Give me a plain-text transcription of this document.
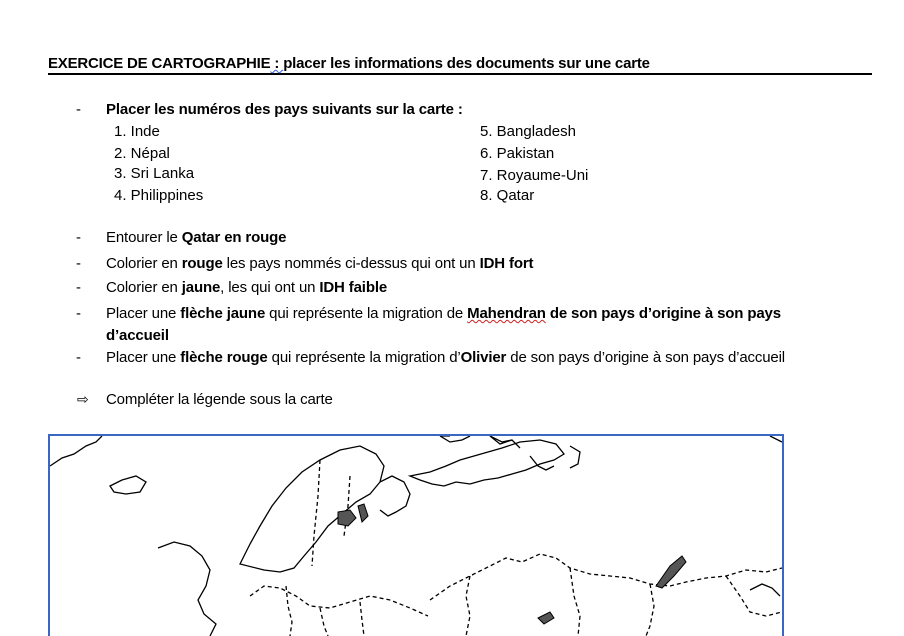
EXERCICE DE CARTOGRAPHIE : placer les informations des documents sur une carte
- Placer les numéros des pays suivants sur la carte :
1. Inde
2. Népal
3. Sri Lanka
4. Philippines
5. Bangladesh
6. Pakistan
7. Royaume-Uni
8. Qatar
- Entourer le Qatar en rouge
- Colorier en rouge les pays nommés ci-dessus qui ont un IDH fort
- Colorier en jaune, les qui ont un IDH faible
- Placer une flèche jaune qui représente la migration de Mahendran de son pays d’origine à son pays
d’accueil
- Placer une flèche rouge qui représente la migration d’Olivier de son pays d’origine à son pays d’accueil
⇨ Compléter la légende sous la carte
